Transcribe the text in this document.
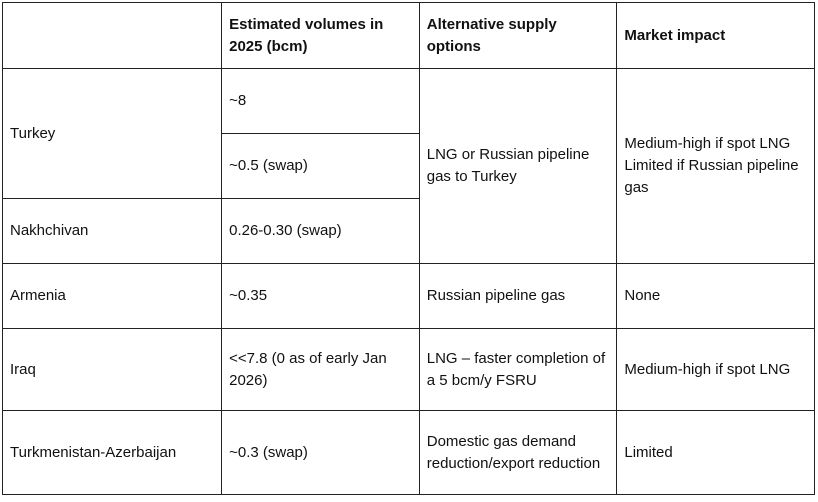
	Estimated volumes in 2025 (bcm)	Alternative supply options	Market impact
Turkey	~8	LNG or Russian pipeline gas to Turkey	Medium-high if spot LNG
Limited if Russian pipeline gas
	~0.5 (swap)		
Nakhchivan	0.26-0.30 (swap)		
Armenia	~0.35	Russian pipeline gas	None
Iraq	<<7.8 (0 as of early Jan 2026)	LNG – faster completion of a 5 bcm/y FSRU	Medium-high if spot LNG
Turkmenistan-Azerbaijan	~0.3 (swap)	Domestic gas demand reduction/export reduction	Limited
